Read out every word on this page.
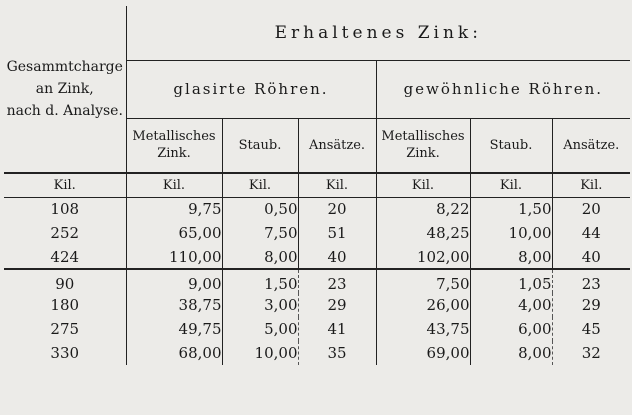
Gesammtcharge
an Zink,
nach d. Analyse.	Erhaltenes Zink:					
	glasirte Röhren.			gewöhnliche Röhren.		
	Metallisches Zink.	Staub.	Ansätze.	Metallisches Zink.	Staub.	Ansätze.
Kil.	Kil.	Kil.	Kil.	Kil.	Kil.	Kil.
108	9,75	0,50	20	8,22	1,50	20
252	65,00	7,50	51	48,25	10,00	44
424	110,00	8,00	40	102,00	8,00	40
90	9,00	1,50	23	7,50	1,05	23
180	38,75	3,00	29	26,00	4,00	29
275	49,75	5,00	41	43,75	6,00	45
330	68,00	10,00	35	69,00	8,00	32
